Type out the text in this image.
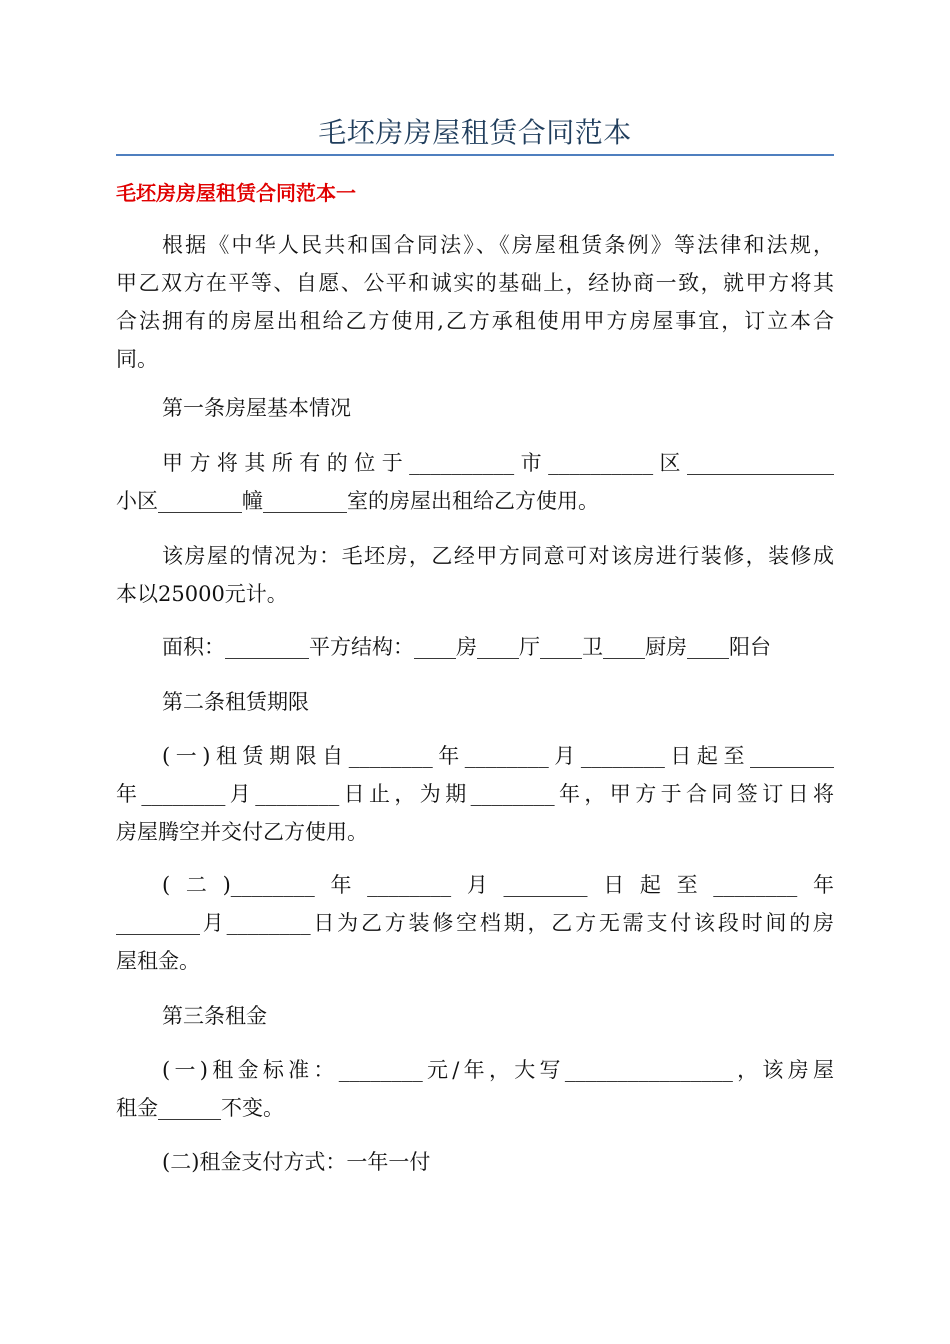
毛坯房房屋租赁合同范本
毛坯房房屋租赁合同范本一

根据《中华人民共和国合同法》、《房屋租赁条例》等法律和法规，
甲乙双方在平等、自愿、公平和诚实的基础上，经协商一致，就甲方将其
合法拥有的房屋出租给乙方使用,乙方承租使用甲方房屋事宜，订立本合
同。

第一条房屋基本情况

甲方将其所有的位于__________市__________区______________
小区________幢________室的房屋出租给乙方使用。

该房屋的情况为：毛坯房，乙经甲方同意可对该房进行装修，装修成
本以25000元计。

面积：________平方结构：____房____厅____卫____厨房____阳台

第二条租赁期限

(一)租赁期限自________年________月________日起至________
年________月________日止，为期________年，甲方于合同签订日将
房屋腾空并交付乙方使用。

(二)________年________月________日起至________年
________月________日为乙方装修空档期，乙方无需支付该段时间的房
屋租金。

第三条租金

(一)租金标准：________元/年，大写________________，该房屋
租金______不变。

(二)租金支付方式：一年一付
